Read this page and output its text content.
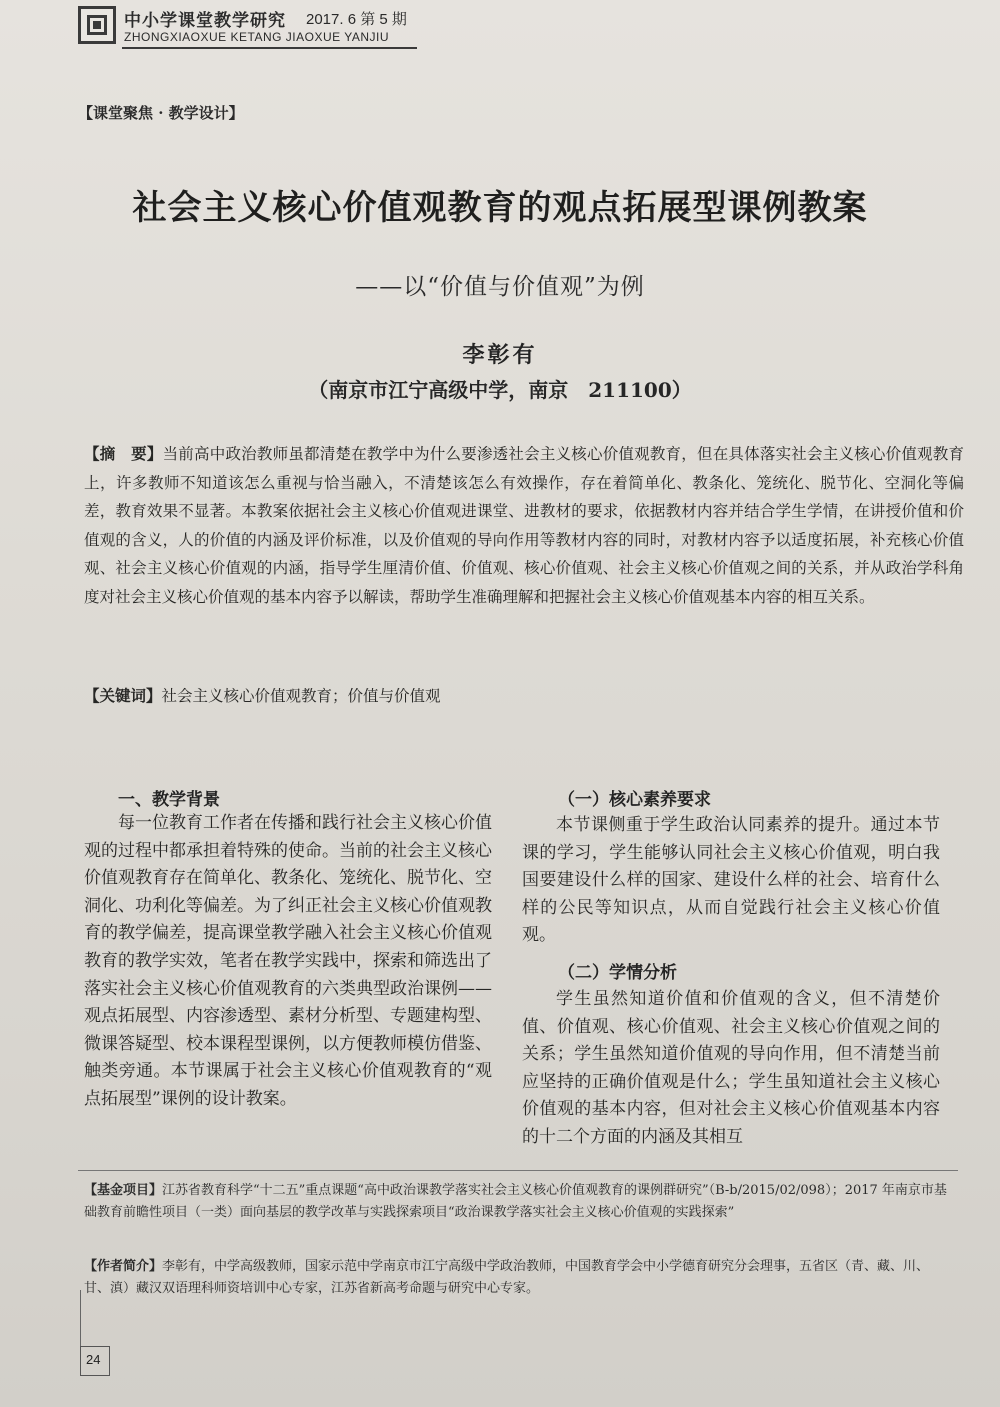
中小学课堂教学研究 2017. 6 第 5 期
ZHONGXIAOXUE KETANG JIAOXUE YANJIU
【课堂聚焦 · 教学设计】
社会主义核心价值观教育的观点拓展型课例教案
——以“价值与价值观”为例
李彰有
（南京市江宁高级中学，南京　211100）
【摘　要】当前高中政治教师虽都清楚在教学中为什么要渗透社会主义核心价值观教育，但在具体落实社会主义核心价值观教育上，许多教师不知道该怎么重视与恰当融入，不清楚该怎么有效操作，存在着简单化、教条化、笼统化、脱节化、空洞化等偏差，教育效果不显著。本教案依据社会主义核心价值观进课堂、进教材的要求，依据教材内容并结合学生学情，在讲授价值和价值观的含义，人的价值的内涵及评价标准，以及价值观的导向作用等教材内容的同时，对教材内容予以适度拓展，补充核心价值观、社会主义核心价值观的内涵，指导学生厘清价值、价值观、核心价值观、社会主义核心价值观之间的关系，并从政治学科角度对社会主义核心价值观的基本内容予以解读，帮助学生准确理解和把握社会主义核心价值观基本内容的相互关系。
【关键词】社会主义核心价值观教育；价值与价值观
一、教学背景
每一位教育工作者在传播和践行社会主义核心价值观的过程中都承担着特殊的使命。当前的社会主义核心价值观教育存在简单化、教条化、笼统化、脱节化、空洞化、功利化等偏差。为了纠正社会主义核心价值观教育的教学偏差，提高课堂教学融入社会主义核心价值观教育的教学实效，笔者在教学实践中，探索和筛选出了落实社会主义核心价值观教育的六类典型政治课例——观点拓展型、内容渗透型、素材分析型、专题建构型、微课答疑型、校本课程型课例，以方便教师模仿借鉴、触类旁通。本节课属于社会主义核心价值观教育的“观点拓展型”课例的设计教案。
（一）核心素养要求
本节课侧重于学生政治认同素养的提升。通过本节课的学习，学生能够认同社会主义核心价值观，明白我国要建设什么样的国家、建设什么样的社会、培育什么样的公民等知识点，从而自觉践行社会主义核心价值观。
（二）学情分析
学生虽然知道价值和价值观的含义，但不清楚价值、价值观、核心价值观、社会主义核心价值观之间的关系；学生虽然知道价值观的导向作用，但不清楚当前应坚持的正确价值观是什么；学生虽知道社会主义核心价值观的基本内容，但对社会主义核心价值观基本内容的十二个方面的内涵及其相互
【基金项目】江苏省教育科学“十二五”重点课题“高中政治课教学落实社会主义核心价值观教育的课例群研究”（B-b/2015/02/098）；2017 年南京市基础教育前瞻性项目（一类）面向基层的教学改革与实践探索项目“政治课教学落实社会主义核心价值观的实践探索”
【作者简介】李彰有，中学高级教师，国家示范中学南京市江宁高级中学政治教师，中国教育学会中小学德育研究分会理事，五省区（青、藏、川、甘、滇）藏汉双语理科师资培训中心专家，江苏省新高考命题与研究中心专家。
24
